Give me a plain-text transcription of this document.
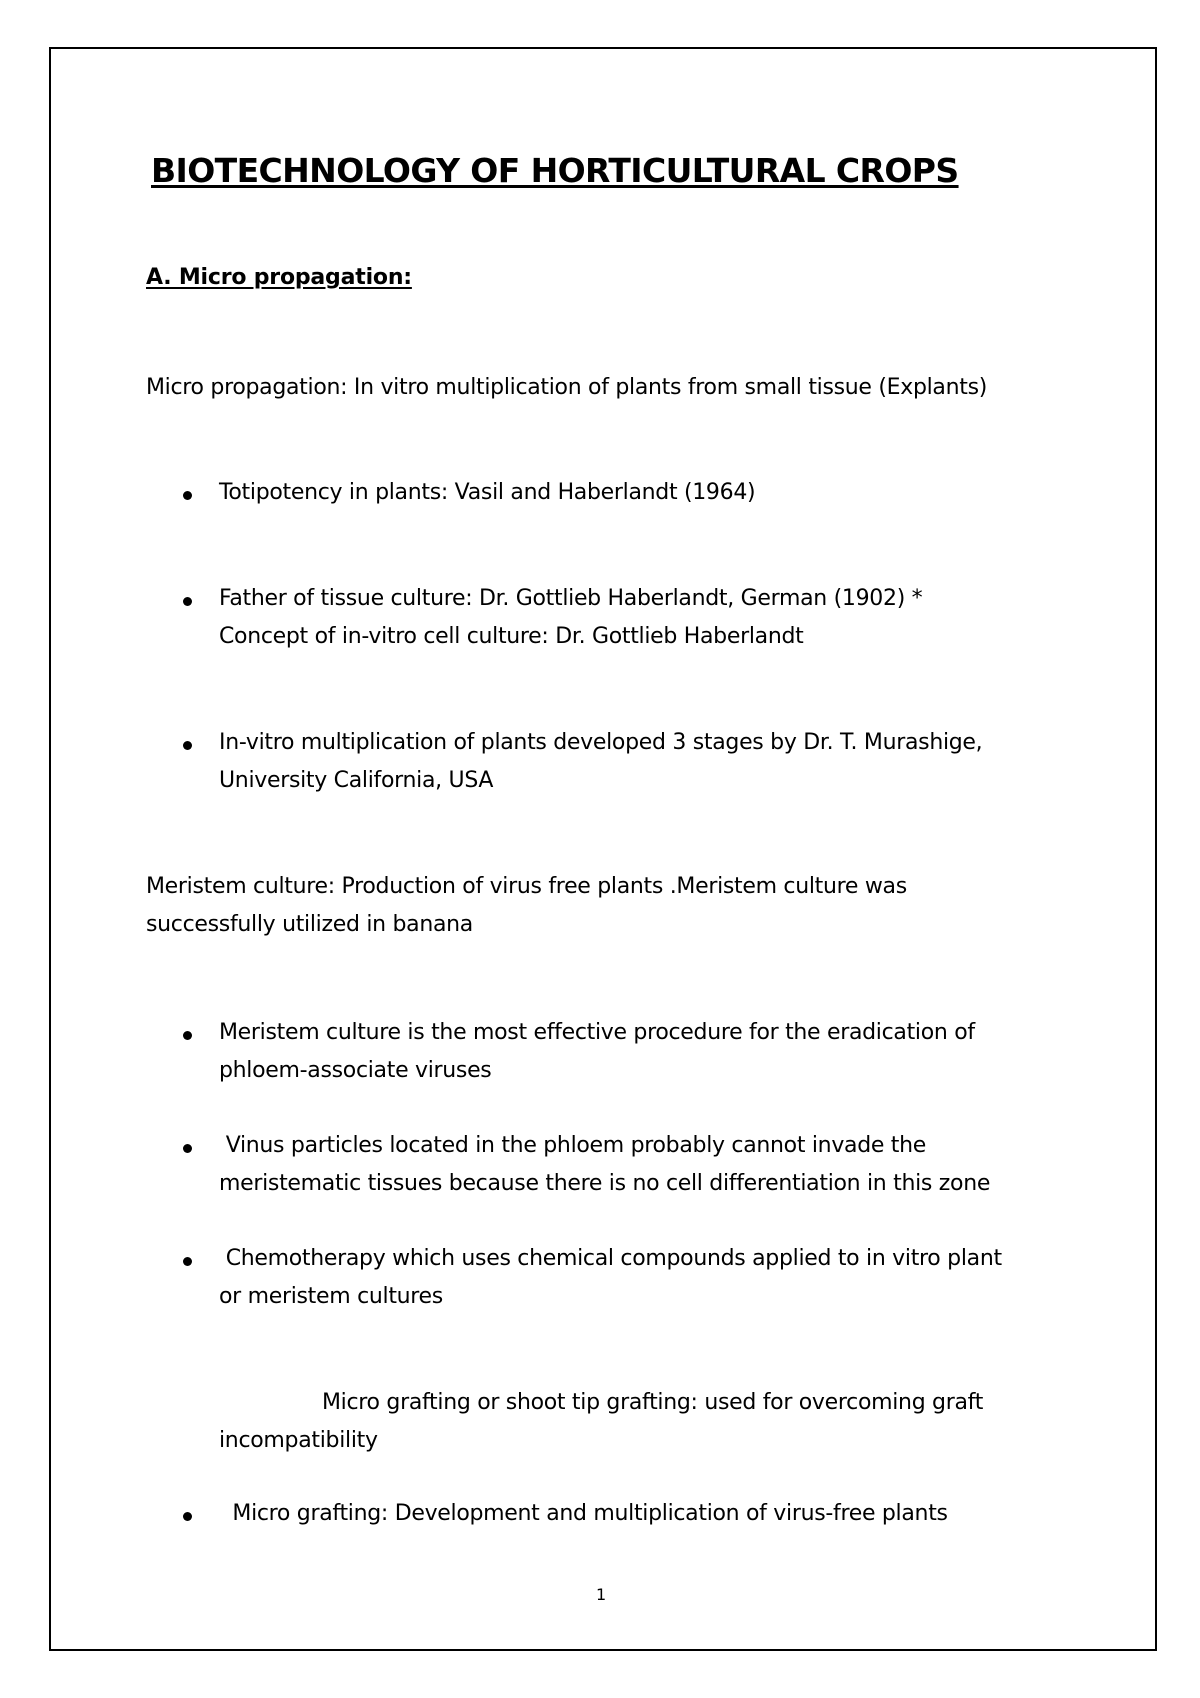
BIOTECHNOLOGY OF HORTICULTURAL CROPS
A. Micro propagation:
Micro propagation: In vitro multiplication of plants from small tissue (Explants)
Totipotency in plants: Vasil and Haberlandt (1964)
Father of tissue culture: Dr. Gottlieb Haberlandt, German (1902) *
Concept of in-vitro cell culture: Dr. Gottlieb Haberlandt
In-vitro multiplication of plants developed 3 stages by Dr. T. Murashige,
University California, USA
Meristem culture: Production of virus free plants .Meristem culture was
successfully utilized in banana
Meristem culture is the most effective procedure for the eradication of
phloem-associate viruses
Vinus particles located in the phloem probably cannot invade the
meristematic tissues because there is no cell differentiation in this zone
Chemotherapy which uses chemical compounds applied to in vitro plant
or meristem cultures
Micro grafting or shoot tip grafting: used for overcoming graft
incompatibility
Micro grafting: Development and multiplication of virus-free plants
1
